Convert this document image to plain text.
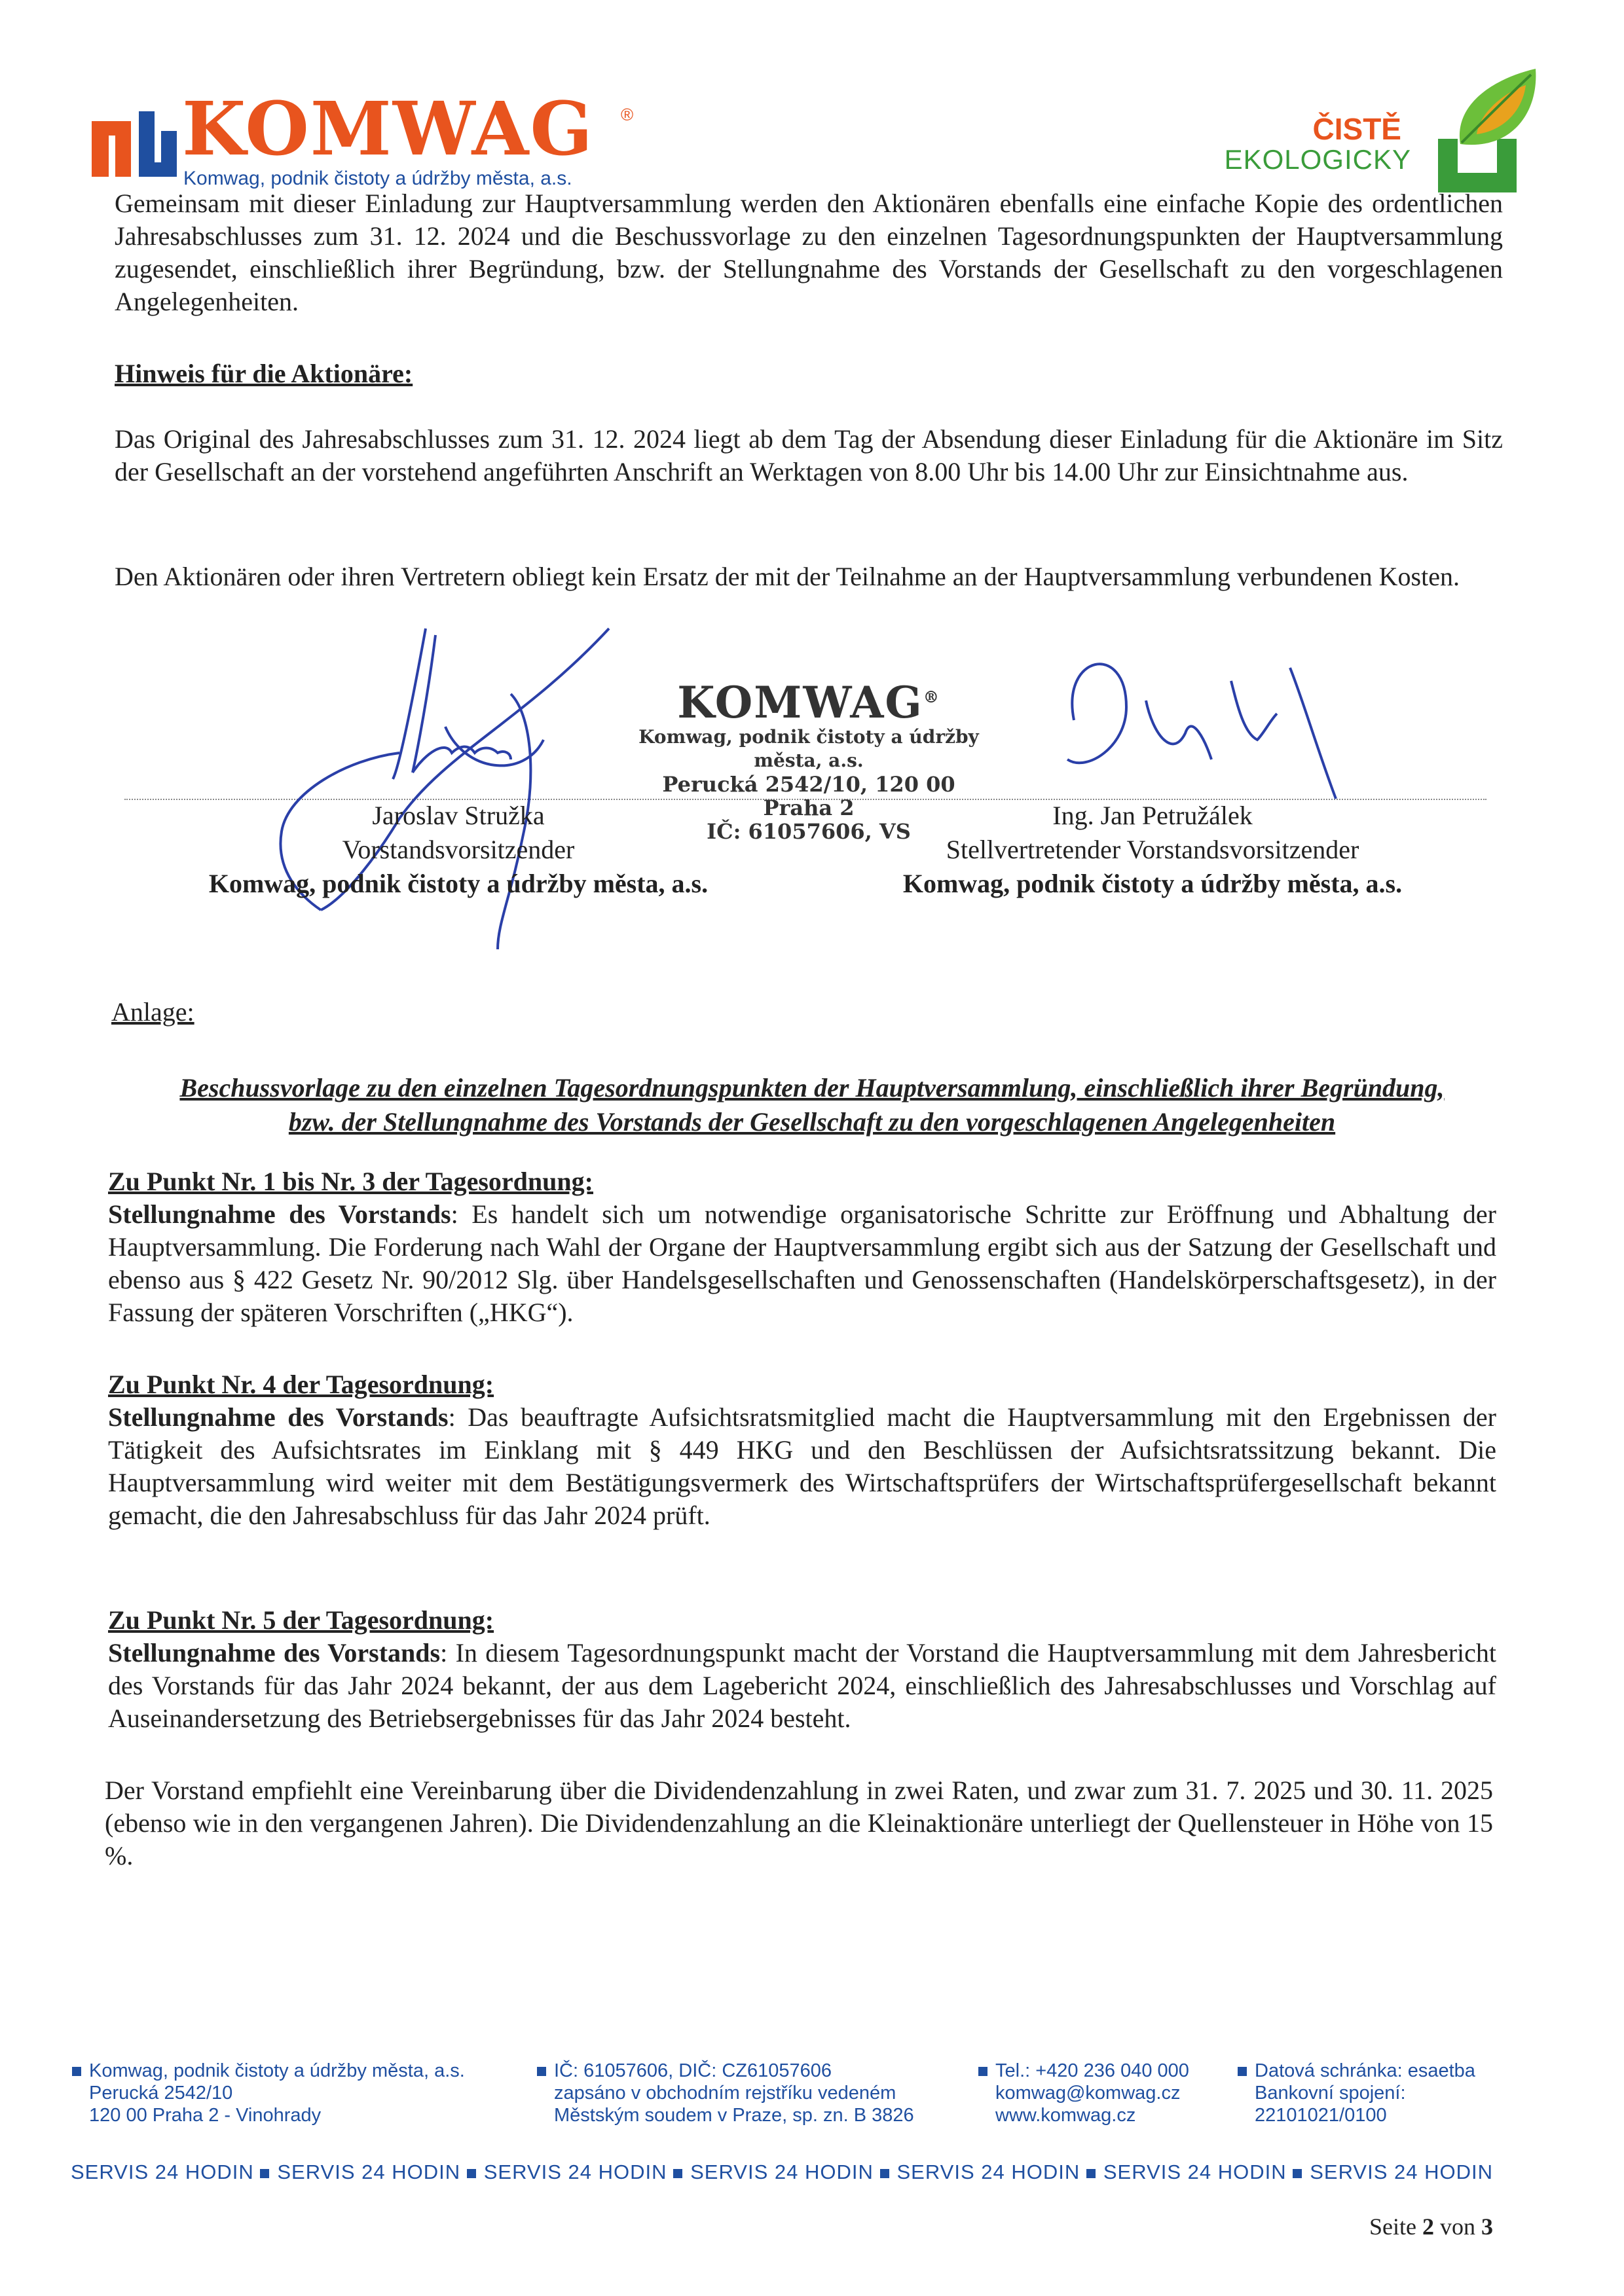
KOMWAG ®
Komwag, podnik čistoty a údržby města, a.s.
ČISTĚ
EKOLOGICKY
Gemeinsam mit dieser Einladung zur Hauptversammlung werden den Aktionären ebenfalls eine einfache Kopie des ordentlichen Jahresabschlusses zum 31. 12. 2024 und die Beschussvorlage zu den einzelnen Tagesordnungspunkten der Hauptversammlung zugesendet, einschließlich ihrer Begründung, bzw. der Stellungnahme des Vorstands der Gesellschaft zu den vorgeschlagenen Angelegenheiten.
Hinweis für die Aktionäre:
Das Original des Jahresabschlusses zum 31. 12. 2024 liegt ab dem Tag der Absendung dieser Einladung für die Aktionäre im Sitz der Gesellschaft an der vorstehend angeführten Anschrift an Werktagen von 8.00 Uhr bis 14.00 Uhr zur Einsichtnahme aus.
Den Aktionären oder ihren Vertretern obliegt kein Ersatz der mit der Teilnahme an der Hauptversammlung verbundenen Kosten.
KOMWAG®
Komwag, podnik čistoty a údržby města, a.s.
Perucká 2542/10, 120 00 Praha 2
IČ: 61057606, VS
Jaroslav Stružka
Vorstandsvorsitzender
Komwag, podnik čistoty a údržby města, a.s.
Ing. Jan Petružálek
Stellvertretender Vorstandsvorsitzender
Komwag, podnik čistoty a údržby města, a.s.
Anlage:
Beschussvorlage zu den einzelnen Tagesordnungspunkten der Hauptversammlung, einschließlich ihrer Begründung,
bzw. der Stellungnahme des Vorstands der Gesellschaft zu den vorgeschlagenen Angelegenheiten
Zu Punkt Nr. 1 bis Nr. 3 der Tagesordnung:
Stellungnahme des Vorstands: Es handelt sich um notwendige organisatorische Schritte zur Eröffnung und Abhaltung der Hauptversammlung. Die Forderung nach Wahl der Organe der Hauptversammlung ergibt sich aus der Satzung der Gesellschaft und ebenso aus § 422 Gesetz Nr. 90/2012 Slg. über Handelsgesellschaften und Genossenschaften (Handelskörperschaftsgesetz), in der Fassung der späteren Vorschriften („HKG“).
Zu Punkt Nr. 4 der Tagesordnung:
Stellungnahme des Vorstands: Das beauftragte Aufsichtsratsmitglied macht die Hauptversammlung mit den Ergebnissen der Tätigkeit des Aufsichtsrates im Einklang mit § 449 HKG und den Beschlüssen der Aufsichtsratssitzung bekannt. Die Hauptversammlung wird weiter mit dem Bestätigungsvermerk des Wirtschaftsprüfers der Wirtschaftsprüfergesellschaft bekannt gemacht, die den Jahresabschluss für das Jahr 2024 prüft.
Zu Punkt Nr. 5 der Tagesordnung:
Stellungnahme des Vorstands: In diesem Tagesordnungspunkt macht der Vorstand die Hauptversammlung mit dem Jahresbericht des Vorstands für das Jahr 2024 bekannt, der aus dem Lagebericht 2024, einschließlich des Jahresabschlusses und Vorschlag auf Auseinandersetzung des Betriebsergebnisses für das Jahr 2024 besteht.
Der Vorstand empfiehlt eine Vereinbarung über die Dividendenzahlung in zwei Raten, und zwar zum 31. 7. 2025 und 30. 11. 2025 (ebenso wie in den vergangenen Jahren). Die Dividendenzahlung an die Kleinaktionäre unterliegt der Quellensteuer in Höhe von 15 %.
Komwag, podnik čistoty a údržby města, a.s.
Perucká 2542/10
120 00 Praha 2 - Vinohrady
IČ: 61057606, DIČ: CZ61057606
zapsáno v obchodním rejstříku vedeném
Městským soudem v Praze, sp. zn. B 3826
Tel.: +420 236 040 000
komwag@komwag.cz
www.komwag.cz
Datová schránka: esaetba
Bankovní spojení:
22101021/0100
SERVIS 24 HODIN SERVIS 24 HODIN SERVIS 24 HODIN SERVIS 24 HODIN SERVIS 24 HODIN SERVIS 24 HODIN SERVIS 24 HODIN
Seite 2 von 3
